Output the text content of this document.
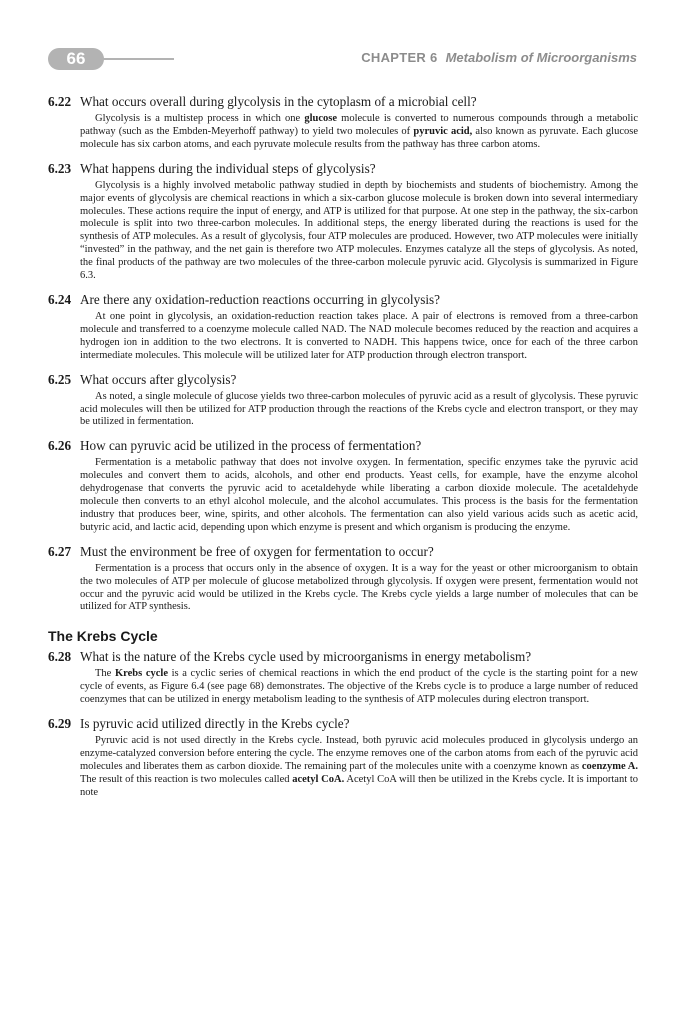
66	CHAPTER 6 Metabolism of Microorganisms
6.22 What occurs overall during glycolysis in the cytoplasm of a microbial cell?
Glycolysis is a multistep process in which one glucose molecule is converted to numerous compounds through a metabolic pathway (such as the Embden-Meyerhoff pathway) to yield two molecules of pyruvic acid, also known as pyruvate. Each glucose molecule has six carbon atoms, and each pyruvate molecule results from the pathway has three carbon atoms.
6.23 What happens during the individual steps of glycolysis?
Glycolysis is a highly involved metabolic pathway studied in depth by biochemists and students of biochemistry. Among the major events of glycolysis are chemical reactions in which a six-carbon glucose molecule is broken down into several intermediary molecules. These actions require the input of energy, and ATP is utilized for that purpose. At one step in the pathway, the six-carbon molecule is split into two three-carbon molecules. In additional steps, the energy liberated during the reactions is used for the synthesis of ATP molecules. As a result of glycolysis, four ATP molecules are produced. However, two ATP molecules were initially “invested” in the pathway, and the net gain is therefore two ATP molecules. Enzymes catalyze all the steps of glycolysis. As noted, the final products of the pathway are two molecules of the three-carbon molecule pyruvic acid. Glycolysis is summarized in Figure 6.3.
6.24 Are there any oxidation-reduction reactions occurring in glycolysis?
At one point in glycolysis, an oxidation-reduction reaction takes place. A pair of electrons is removed from a three-carbon molecule and transferred to a coenzyme molecule called NAD. The NAD molecule becomes reduced by the reaction and acquires a hydrogen ion in addition to the two electrons. It is converted to NADH. This happens twice, once for each of the three carbon intermediate molecules. This molecule will be utilized later for ATP production through electron transport.
6.25 What occurs after glycolysis?
As noted, a single molecule of glucose yields two three-carbon molecules of pyruvic acid as a result of glycolysis. These pyruvic acid molecules will then be utilized for ATP production through the reactions of the Krebs cycle and electron transport, or they may be utilized in fermentation.
6.26 How can pyruvic acid be utilized in the process of fermentation?
Fermentation is a metabolic pathway that does not involve oxygen. In fermentation, specific enzymes take the pyruvic acid molecules and convert them to acids, alcohols, and other end products. Yeast cells, for example, have the enzyme alcohol dehydrogenase that converts the pyruvic acid to acetaldehyde while liberating a carbon dioxide molecule. The acetaldehyde molecule then converts to an ethyl alcohol molecule, and the alcohol accumulates. This process is the basis for the fermentation industry that produces beer, wine, spirits, and other alcohols. The fermentation can also yield various acids such as acetic acid, butyric acid, and lactic acid, depending upon which enzyme is present and which organism is producing the enzyme.
6.27 Must the environment be free of oxygen for fermentation to occur?
Fermentation is a process that occurs only in the absence of oxygen. It is a way for the yeast or other microorganism to obtain the two molecules of ATP per molecule of glucose metabolized through glycolysis. If oxygen were present, fermentation would not occur and the pyruvic acid would be utilized in the Krebs cycle. The Krebs cycle yields a large number of molecules that can be utilized for ATP synthesis.
The Krebs Cycle
6.28 What is the nature of the Krebs cycle used by microorganisms in energy metabolism?
The Krebs cycle is a cyclic series of chemical reactions in which the end product of the cycle is the starting point for a new cycle of events, as Figure 6.4 (see page 68) demonstrates. The objective of the Krebs cycle is to produce a large number of reduced coenzymes that can be utilized in energy metabolism leading to the synthesis of ATP molecules during electron transport.
6.29 Is pyruvic acid utilized directly in the Krebs cycle?
Pyruvic acid is not used directly in the Krebs cycle. Instead, both pyruvic acid molecules produced in glycolysis undergo an enzyme-catalyzed conversion before entering the cycle. The enzyme removes one of the carbon atoms from each of the pyruvic acid molecules and liberates them as carbon dioxide. The remaining part of the molecules unite with a coenzyme known as coenzyme A. The result of this reaction is two molecules called acetyl CoA. Acetyl CoA will then be utilized in the Krebs cycle. It is important to note
